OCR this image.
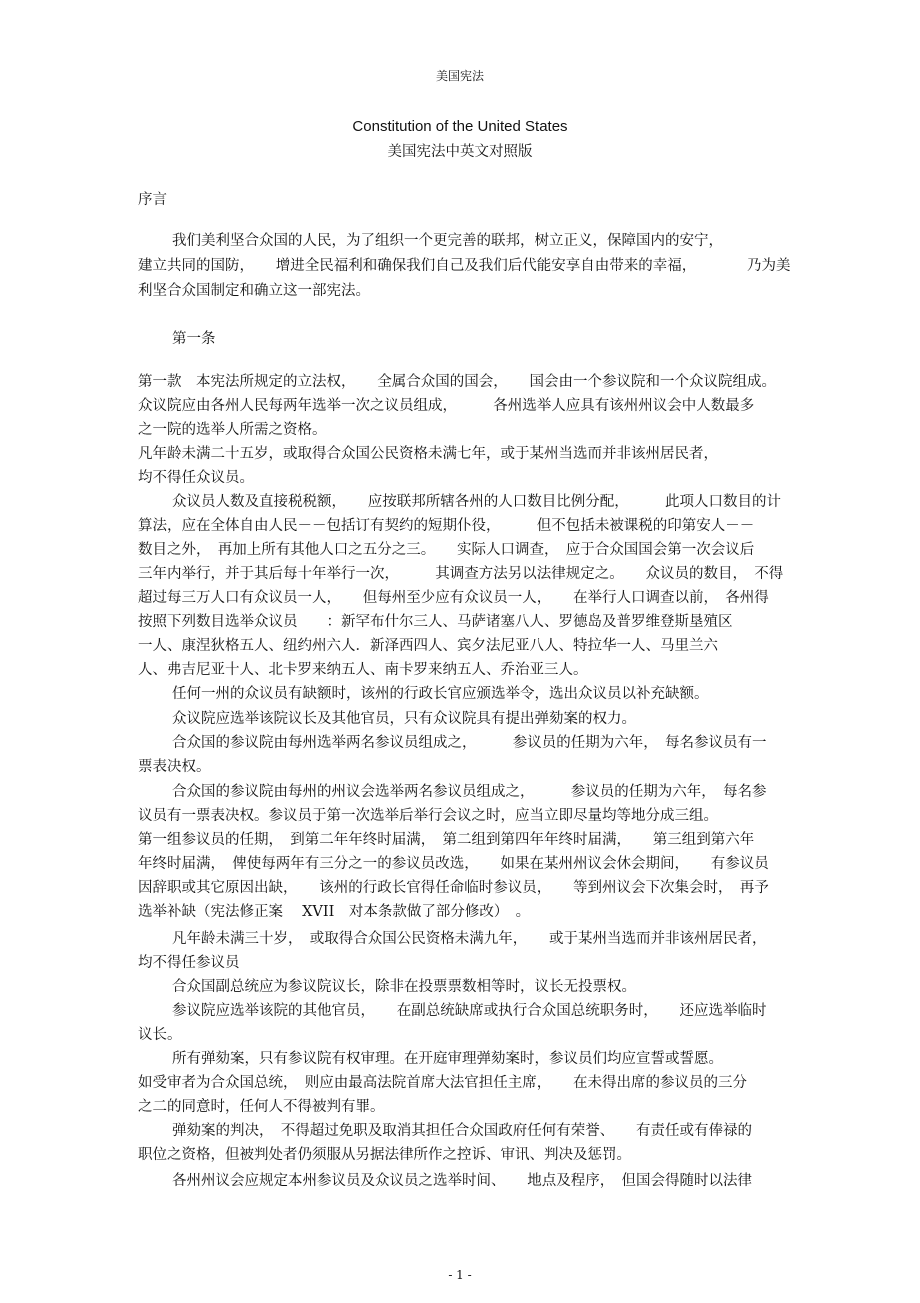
美国宪法
Constitution of the United States
美国宪法中英文对照版
序言
第一条
我们美利坚合众国的人民，为了组织一个更完善的联邦，树立正义，保障国内的安宁，
建立共同的国防，　　增进全民福利和确保我们自己及我们后代能安享自由带来的幸福，　　　　乃为美
利坚合众国制定和确立这一部宪法。
第一款　本宪法所规定的立法权，　　全属合众国的国会，　　国会由一个参议院和一个众议院组成。
众议院应由各州人民每两年选举一次之议员组成，　　　各州选举人应具有该州州议会中人数最多
之一院的选举人所需之资格。
凡年龄未满二十五岁，或取得合众国公民资格未满七年，或于某州当选而并非该州居民者，
均不得任众议员。
众议员人数及直接税税额，　　应按联邦所辖各州的人口数目比例分配，　　　此项人口数目的计
算法，应在全体自由人民－－包括订有契约的短期仆役，　　　但不包括未被课税的印第安人－－
数目之外，　再加上所有其他人口之五分之三。　　实际人口调查，　应于合众国国会第一次会议后
三年内举行，并于其后每十年举行一次，　　　其调查方法另以法律规定之。　　众议员的数目，　不得
超过每三万人口有众议员一人，　　但每州至少应有众议员一人，　　在举行人口调查以前，　各州得
按照下列数目选举众议员　　：新罕布什尔三人、马萨诸塞八人、罗德岛及普罗维登斯垦殖区
一人、康涅狄格五人、纽约州六人．新泽西四人、宾夕法尼亚八人、特拉华一人、马里兰六
人、弗吉尼亚十人、北卡罗来纳五人、南卡罗来纳五人、乔治亚三人。
任何一州的众议员有缺额时，该州的行政长官应颁选举令，选出众议员以补充缺额。
众议院应选举该院议长及其他官员，只有众议院具有提出弹劾案的权力。
合众国的参议院由每州选举两名参议员组成之，　　　参议员的任期为六年，　每名参议员有一
票表决权。
合众国的参议院由每州的州议会选举两名参议员组成之，　　　参议员的任期为六年，　每名参
议员有一票表决权。参议员于第一次选举后举行会议之时，应当立即尽量均等地分成三组。
第一组参议员的任期，　到第二年年终时届满，　第二组到第四年年终时届满，　　第三组到第六年
年终时届满，　俾使每两年有三分之一的参议员改选，　　如果在某州州议会休会期间，　　有参议员
因辞职或其它原因出缺，　　该州的行政长官得任命临时参议员，　　等到州议会下次集会时，　再予
选举补缺（宪法修正案　 XVII　对本条款做了部分修改）　。
凡年龄未满三十岁，　或取得合众国公民资格未满九年，　　或于某州当选而并非该州居民者，
均不得任参议员
合众国副总统应为参议院议长，除非在投票票数相等时，议长无投票权。
参议院应选举该院的其他官员，　　在副总统缺席或执行合众国总统职务时，　　还应选举临时
议长。
所有弹劾案，只有参议院有权审理。在开庭审理弹劾案时，参议员们均应宣誓或誓愿。
如受审者为合众国总统，　则应由最高法院首席大法官担任主席，　　在未得出席的参议员的三分
之二的同意时，任何人不得被判有罪。
弹劾案的判决，　不得超过免职及取消其担任合众国政府任何有荣誉、　　有责任或有俸禄的
职位之资格，但被判处者仍须服从另据法律所作之控诉、审讯、判决及惩罚。
各州州议会应规定本州参议员及众议员之选举时间、　　地点及程序，　但国会得随时以法律
- 1 -
